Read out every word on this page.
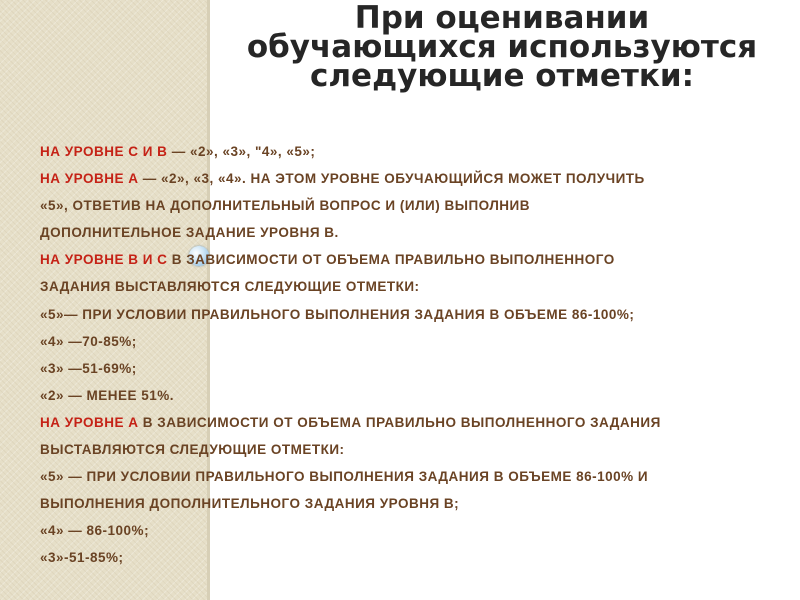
При оценивании обучающихся используются следующие отметки:
НА УРОВНЕ С И В — «2», «3», "4», «5»;
НА УРОВНЕ А — «2», «3, «4». НА ЭТОМ УРОВНЕ ОБУЧАЮЩИЙСЯ МОЖЕТ ПОЛУЧИТЬ
«5», ОТВЕТИВ НА ДОПОЛНИТЕЛЬНЫЙ ВОПРОС И (ИЛИ) ВЫПОЛНИВ
ДОПОЛНИТЕЛЬНОЕ ЗАДАНИЕ УРОВНЯ В.
НА УРОВНЕ В И С В ЗАВИСИМОСТИ ОТ ОБЪЕМА ПРАВИЛЬНО ВЫПОЛНЕННОГО
ЗАДАНИЯ ВЫСТАВЛЯЮТСЯ СЛЕДУЮЩИЕ ОТМЕТКИ:
«5»— ПРИ УСЛОВИИ ПРАВИЛЬНОГО ВЫПОЛНЕНИЯ ЗАДАНИЯ В ОБЪЕМЕ 86-100%;
«4» —70-85%;
«3» —51-69%;
«2» — МЕНЕЕ 51%.
НА УРОВНЕ А В ЗАВИСИМОСТИ ОТ ОБЪЕМА ПРАВИЛЬНО ВЫПОЛНЕННОГО ЗАДАНИЯ
ВЫСТАВЛЯЮТСЯ СЛЕДУЮЩИЕ ОТМЕТКИ:
«5» — ПРИ УСЛОВИИ ПРАВИЛЬНОГО ВЫПОЛНЕНИЯ ЗАДАНИЯ В ОБЪЕМЕ 86-100% И
ВЫПОЛНЕНИЯ ДОПОЛНИТЕЛЬНОГО ЗАДАНИЯ УРОВНЯ В;
«4» — 86-100%;
«3»-51-85%;
